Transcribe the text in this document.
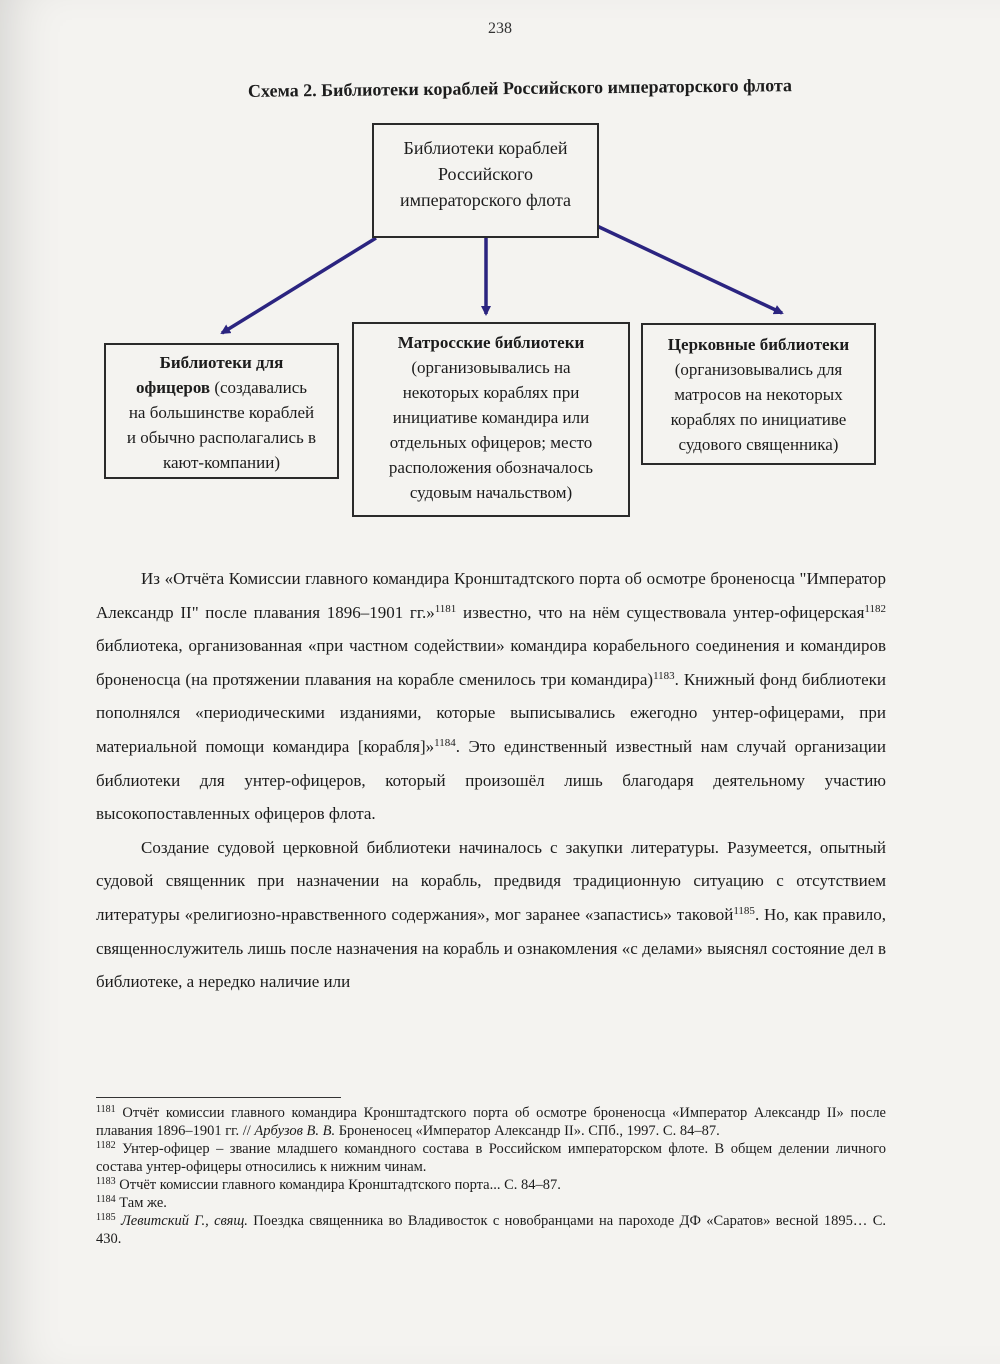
238
Схема 2. Библиотеки кораблей Российского императорского флота
Библиотеки кораблей
Российского
императорского флота
Библиотеки для
офицеров (создавались
на большинстве кораблей
и обычно располагались в
кают-компании)
Матросские библиотеки
(организовывались на
некоторых кораблях при
инициативе командира или
отдельных офицеров; место
расположения обозначалось
судовым начальством)
Церковные библиотеки
(организовывались для
матросов на некоторых
кораблях по инициативе
судового священника)

Из «Отчёта Комиссии главного командира Кронштадтского порта об осмотре броненосца "Император Александр II" после плавания 1896–1901 гг.»$^{1181}$ известно, что на нём существовала унтер-офицерская$^{1182}$ библиотека, организованная «при частном содействии» командира корабельного соединения и командиров броненосца (на протяжении плавания на корабле сменилось три командира)$^{1183}$. Книжный фонд библиотеки пополнялся «периодическими изданиями, которые выписывались ежегодно унтер-офицерами, при материальной помощи командира [корабля]»$^{1184}$. Это единственный известный нам случай организации библиотеки для унтер-офицеров, который произошёл лишь благодаря деятельному участию высокопоставленных офицеров флота.

Создание судовой церковной библиотеки начиналось с закупки литературы. Разумеется, опытный судовой священник при назначении на корабль, предвидя традиционную ситуацию с отсутствием литературы «религиозно-нравственного содержания», мог заранее «запастись» таковой$^{1185}$. Но, как правило, священнослужитель лишь после назначения на корабль и ознакомления «с делами» выяснял состояние дел в библиотеке, а нередко наличие или

$^{1181}$ Отчёт комиссии главного командира Кронштадтского порта об осмотре броненосца «Император Александр II» после плавания 1896–1901 гг. // Арбузов В. В. Броненосец «Император Александр II». СПб., 1997. С. 84–87.
$^{1182}$ Унтер-офицер – звание младшего командного состава в Российском императорском флоте. В общем делении личного состава унтер-офицеры относились к нижним чинам.
$^{1183}$ Отчёт комиссии главного командира Кронштадтского порта... С. 84–87.
$^{1184}$ Там же.
$^{1185}$ Левитский Г., свящ. Поездка священника во Владивосток с новобранцами на пароходе ДФ «Саратов» весной 1895… С. 430.
